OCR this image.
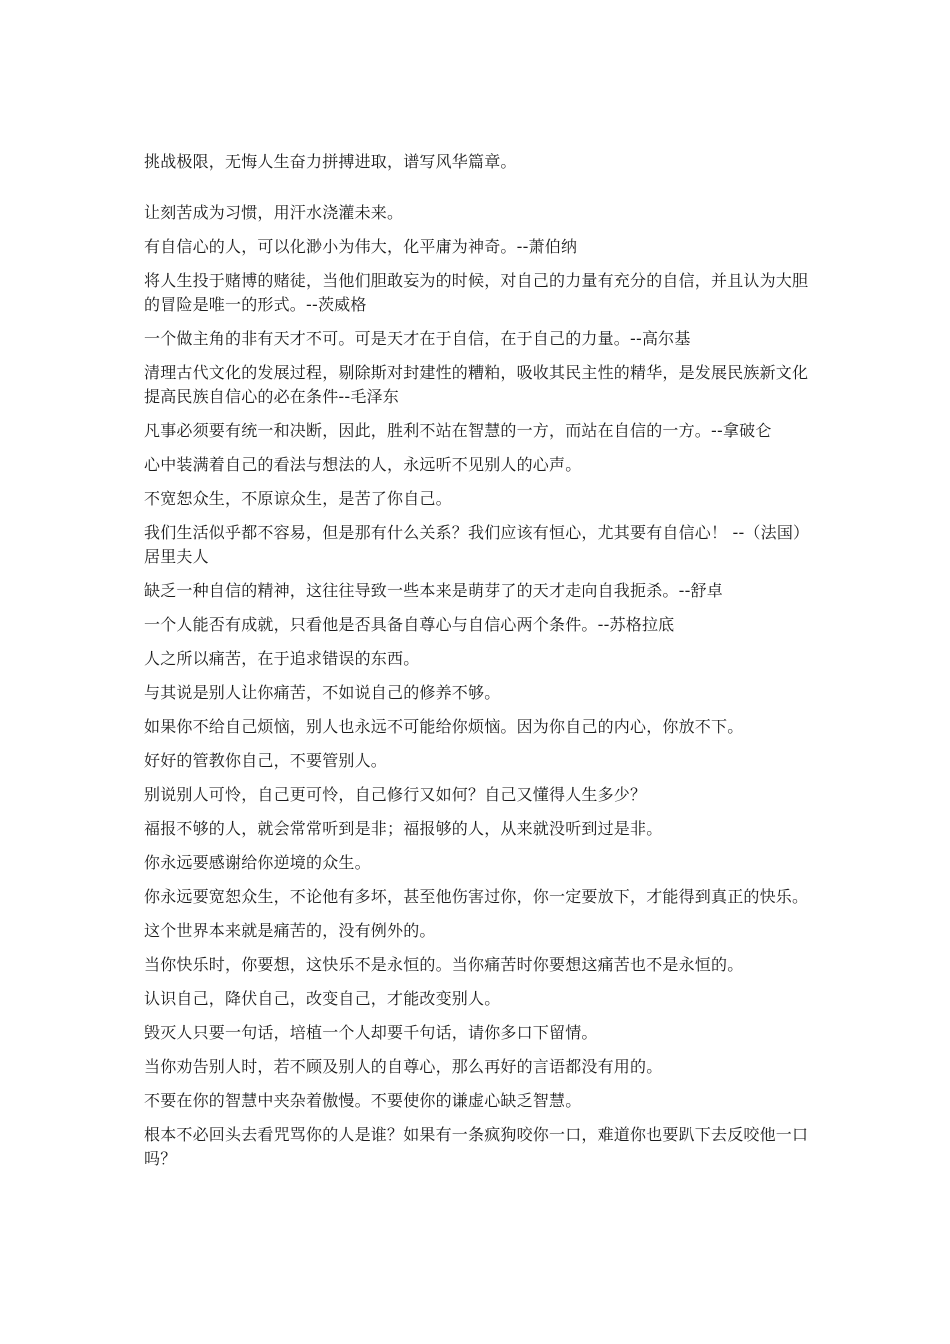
挑战极限，无悔人生奋力拼搏进取，谱写风华篇章。

让刻苦成为习惯，用汗水浇灌未来。

有自信心的人，可以化渺小为伟大，化平庸为神奇。--萧伯纳

将人生投于赌博的赌徒，当他们胆敢妄为的时候，对自己的力量有充分的自信，并且认为大胆的冒险是唯一的形式。--茨威格

一个做主角的非有天才不可。可是天才在于自信，在于自己的力量。--高尔基

清理古代文化的发展过程，剔除斯对封建性的糟粕，吸收其民主性的精华，是发展民族新文化提高民族自信心的必在条件--毛泽东

凡事必须要有统一和决断，因此，胜利不站在智慧的一方，而站在自信的一方。--拿破仑

心中装满着自己的看法与想法的人，永远听不见别人的心声。

不宽恕众生，不原谅众生，是苦了你自己。

我们生活似乎都不容易，但是那有什么关系？我们应该有恒心，尤其要有自信心！ --（法国）居里夫人

缺乏一种自信的精神，这往往导致一些本来是萌芽了的天才走向自我扼杀。--舒卓

一个人能否有成就，只看他是否具备自尊心与自信心两个条件。--苏格拉底

人之所以痛苦，在于追求错误的东西。

与其说是别人让你痛苦，不如说自己的修养不够。

如果你不给自己烦恼，别人也永远不可能给你烦恼。因为你自己的内心，你放不下。

好好的管教你自己，不要管别人。

别说别人可怜，自己更可怜，自己修行又如何？自己又懂得人生多少？

福报不够的人，就会常常听到是非；福报够的人，从来就没听到过是非。

你永远要感谢给你逆境的众生。

你永远要宽恕众生，不论他有多坏，甚至他伤害过你，你一定要放下，才能得到真正的快乐。

这个世界本来就是痛苦的，没有例外的。

当你快乐时，你要想，这快乐不是永恒的。当你痛苦时你要想这痛苦也不是永恒的。

认识自己，降伏自己，改变自己，才能改变别人。

毁灭人只要一句话，培植一个人却要千句话，请你多口下留情。

当你劝告别人时，若不顾及别人的自尊心，那么再好的言语都没有用的。

不要在你的智慧中夹杂着傲慢。不要使你的谦虚心缺乏智慧。

根本不必回头去看咒骂你的人是谁？如果有一条疯狗咬你一口，难道你也要趴下去反咬他一口吗？
